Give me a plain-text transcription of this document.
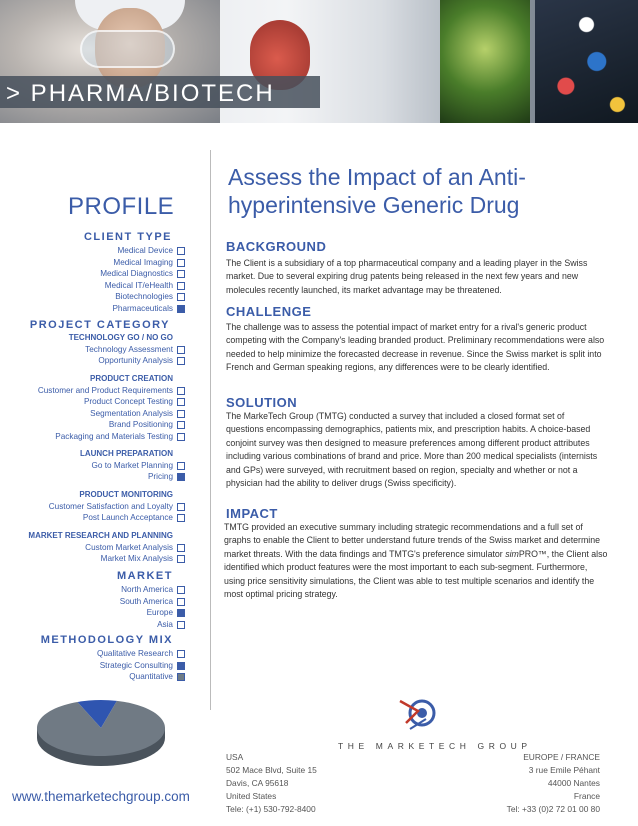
> PHARMA/BIOTECH
PROFILE
CLIENT TYPE
Medical Device
Medical Imaging
Medical Diagnostics
Medical IT/eHealth
Biotechnologies
Pharmaceuticals
PROJECT CATEGORY
TECHNOLOGY GO / NO GO
Technology Assessment
Opportunity Analysis
PRODUCT CREATION
Customer and Product Requirements
Product Concept Testing
Segmentation Analysis
Brand Positioning
Packaging and Materials Testing
LAUNCH PREPARATION
Go to Market Planning
Pricing
PRODUCT MONITORING
Customer Satisfaction and Loyalty
Post Launch Acceptance
MARKET RESEARCH AND PLANNING
Custom Market Analysis
Market Mix Analysis
MARKET
North America
South America
Europe
Asia
METHODOLOGY MIX
Qualitative Research
Strategic Consulting
Quantitative
www.themarketechgroup.com
Assess the Impact of an Anti-hyperintensive Generic Drug
BACKGROUND
The Client is a subsidiary of a top pharmaceutical company and a leading player in the Swiss market. Due to several expiring drug patents being released in the next few years and new molecules recently launched, its market advantage may be threatened.
CHALLENGE
The challenge was to assess the potential impact of market entry for a rival's generic product competing with the Company's leading branded product. Preliminary recommendations were also needed to help minimize the forecasted decrease in revenue. Since the Swiss market is split into French and German speaking regions, any differences were to be clearly identified.
SOLUTION
The MarkeTech Group (TMTG) conducted a survey that included a closed format set of questions encompassing demographics, patients mix, and prescription habits. A choice-based conjoint survey was then designed to measure preferences among different product attributes including various combinations of brand and price. More than 200 medical specialists (internists and GPs) were surveyed, with recruitment based on region, specialty and whether or not a physician had the ability to deliver drugs (Swiss specificity).
IMPACT
TMTG provided an executive summary including strategic recommendations and a full set of graphs to enable the Client to better understand future trends of the Swiss market and determine market threats. With the data findings and TMTG's preference simulator simPRO™, the Client also identified which product features were the most important to each sub-segment. Furthermore, using price sensitivity simulations, the Client was able to test multiple scenarios and identify the most optimal pricing strategy.
THE MARKETECH GROUP
USA
502 Mace Blvd, Suite 15
Davis, CA 95618
United States
Tele: (+1) 530-792-8400
EUROPE / FRANCE
3 rue Emile Péhant
44000 Nantes
France
Tel: +33 (0)2 72 01 00 80
